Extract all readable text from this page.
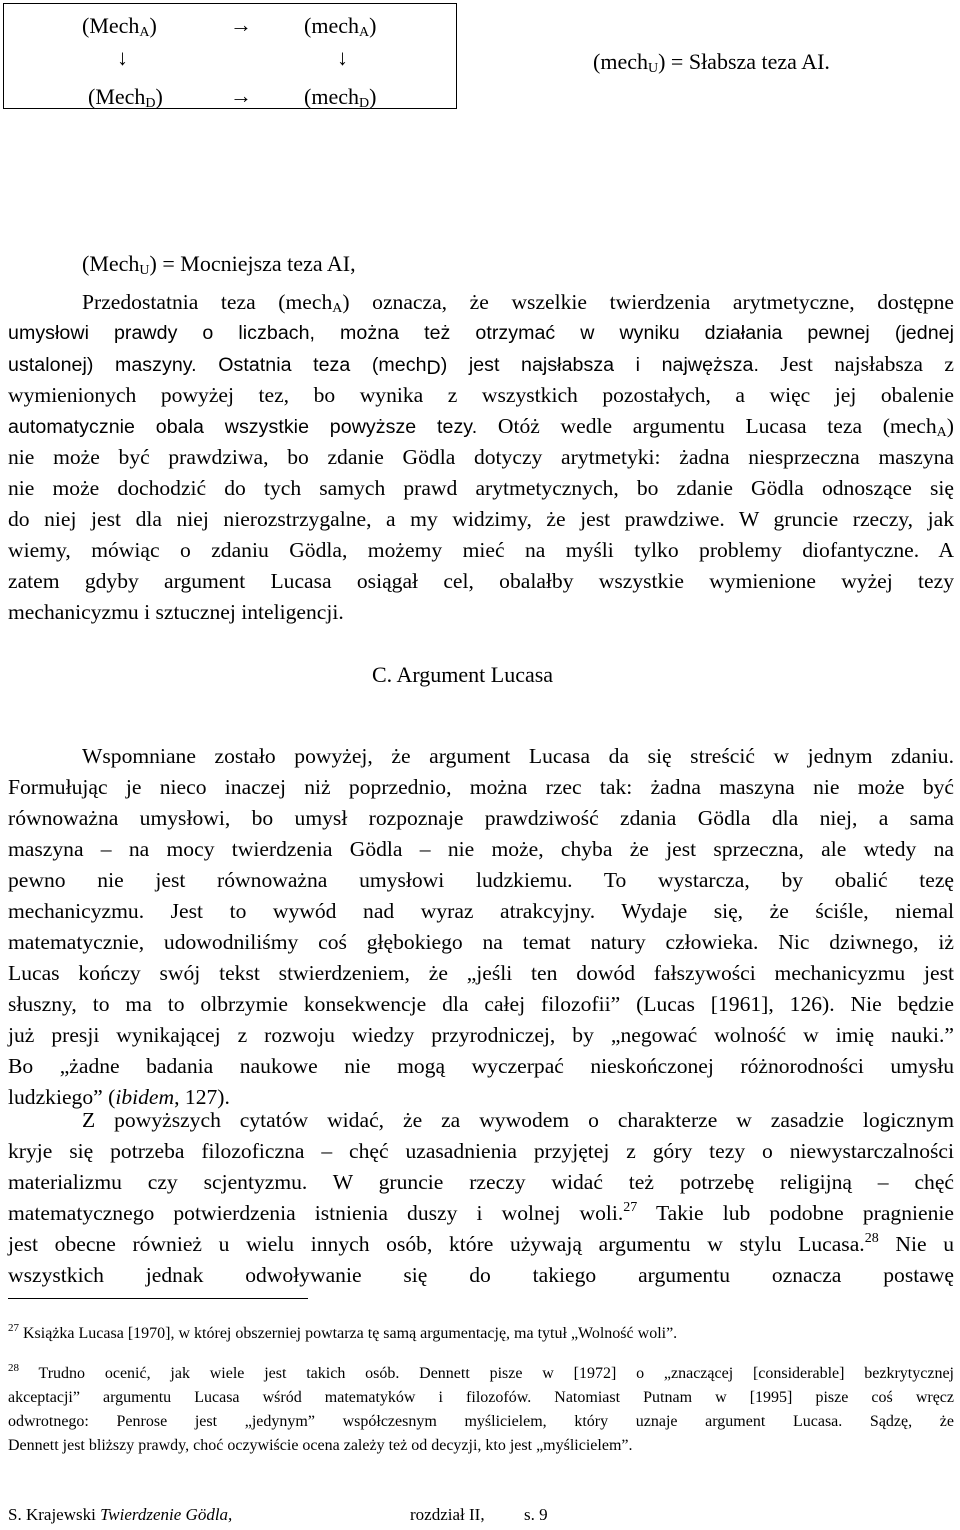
(Mech$_A$)	→ (mech$_A$)
↓	↓
(Mech$_D$)	→ (mech$_D$)
(mech$_U$) = Słabsza teza AI.
(Mech$_U$) = Mocniejsza teza AI,
Przedostatnia teza (mech$_A$) oznacza, że wszelkie twierdzenia arytmetyczne, dostępne
umysłowi prawdy o liczbach, można też otrzymać w wyniku działania pewnej (jednej
ustalonej) maszyny. Ostatnia teza (mech$_D$) jest najsłabsza i najwęższa. Jest najsłabsza z
wymienionych powyżej tez, bo wynika z wszystkich pozostałych, a więc jej obalenie
automatycznie obala wszystkie powyższe tezy. Otóż wedle argumentu Lucasa teza (mech$_A$)
nie może być prawdziwa, bo zdanie Gödla dotyczy arytmetyki: żadna niesprzeczna maszyna
nie może dochodzić do tych samych prawd arytmetycznych, bo zdanie Gödla odnoszące się
do niej jest dla niej nierozstrzygalne, a my widzimy, że jest prawdziwe. W gruncie rzeczy, jak
wiemy, mówiąc o zdaniu Gödla, możemy mieć na myśli tylko problemy diofantyczne. A
zatem gdyby argument Lucasa osiągał cel, obalałby wszystkie wymienione wyżej tezy
mechanicyzmu i sztucznej inteligencji.
C. Argument Lucasa
Wspomniane zostało powyżej, że argument Lucasa da się streścić w jednym zdaniu.
Formułując je nieco inaczej niż poprzednio, można rzec tak: żadna maszyna nie może być
równoważna umysłowi, bo umysł rozpoznaje prawdziwość zdania Gödla dla niej, a sama
maszyna – na mocy twierdzenia Gödla – nie może, chyba że jest sprzeczna, ale wtedy na
pewno nie jest równoważna umysłowi ludzkiemu. To wystarcza, by obalić tezę
mechanicyzmu. Jest to wywód nad wyraz atrakcyjny. Wydaje się, że ściśle, niemal
matematycznie, udowodniliśmy coś głębokiego na temat natury człowieka. Nic dziwnego, iż
Lucas kończy swój tekst stwierdzeniem, że „jeśli ten dowód fałszywości mechanicyzmu jest
słuszny, to ma to olbrzymie konsekwencje dla całej filozofii” (Lucas [1961], 126). Nie będzie
już presji wynikającej z rozwoju wiedzy przyrodniczej, by „negować wolność w imię nauki.”
Bo „żadne badania naukowe nie mogą wyczerpać nieskończonej różnorodności umysłu
ludzkiego” (ibidem, 127).
Z powyższych cytatów widać, że za wywodem o charakterze w zasadzie logicznym
kryje się potrzeba filozoficzna – chęć uzasadnienia przyjętej z góry tezy o niewystarczalności
materializmu czy scjentyzmu. W gruncie rzeczy widać też potrzebę religijną – chęć
matematycznego potwierdzenia istnienia duszy i wolnej woli.$^{27}$ Takie lub podobne pragnienie
jest obecne również u wielu innych osób, które używają argumentu w stylu Lucasa.$^{28}$ Nie u
wszystkich jednak odwoływanie się do takiego argumentu oznacza postawę
$^{27}$ Książka Lucasa [1970], w której obszerniej powtarza tę samą argumentację, ma tytuł „Wolność woli”.
$^{28}$ Trudno ocenić, jak wiele jest takich osób. Dennett pisze w [1972] o „znaczącej [considerable] bezkrytycznej
akceptacji” argumentu Lucasa wśród matematyków i filozofów. Natomiast Putnam w [1995] pisze coś wręcz
odwrotnego: Penrose jest „jedynym” współczesnym myślicielem, który uznaje argument Lucasa. Sądzę, że
Dennett jest bliższy prawdy, choć oczywiście ocena zależy też od decyzji, kto jest „myślicielem”.
S. Krajewski Twierdzenie Gödla,	rozdział II, s. 9
